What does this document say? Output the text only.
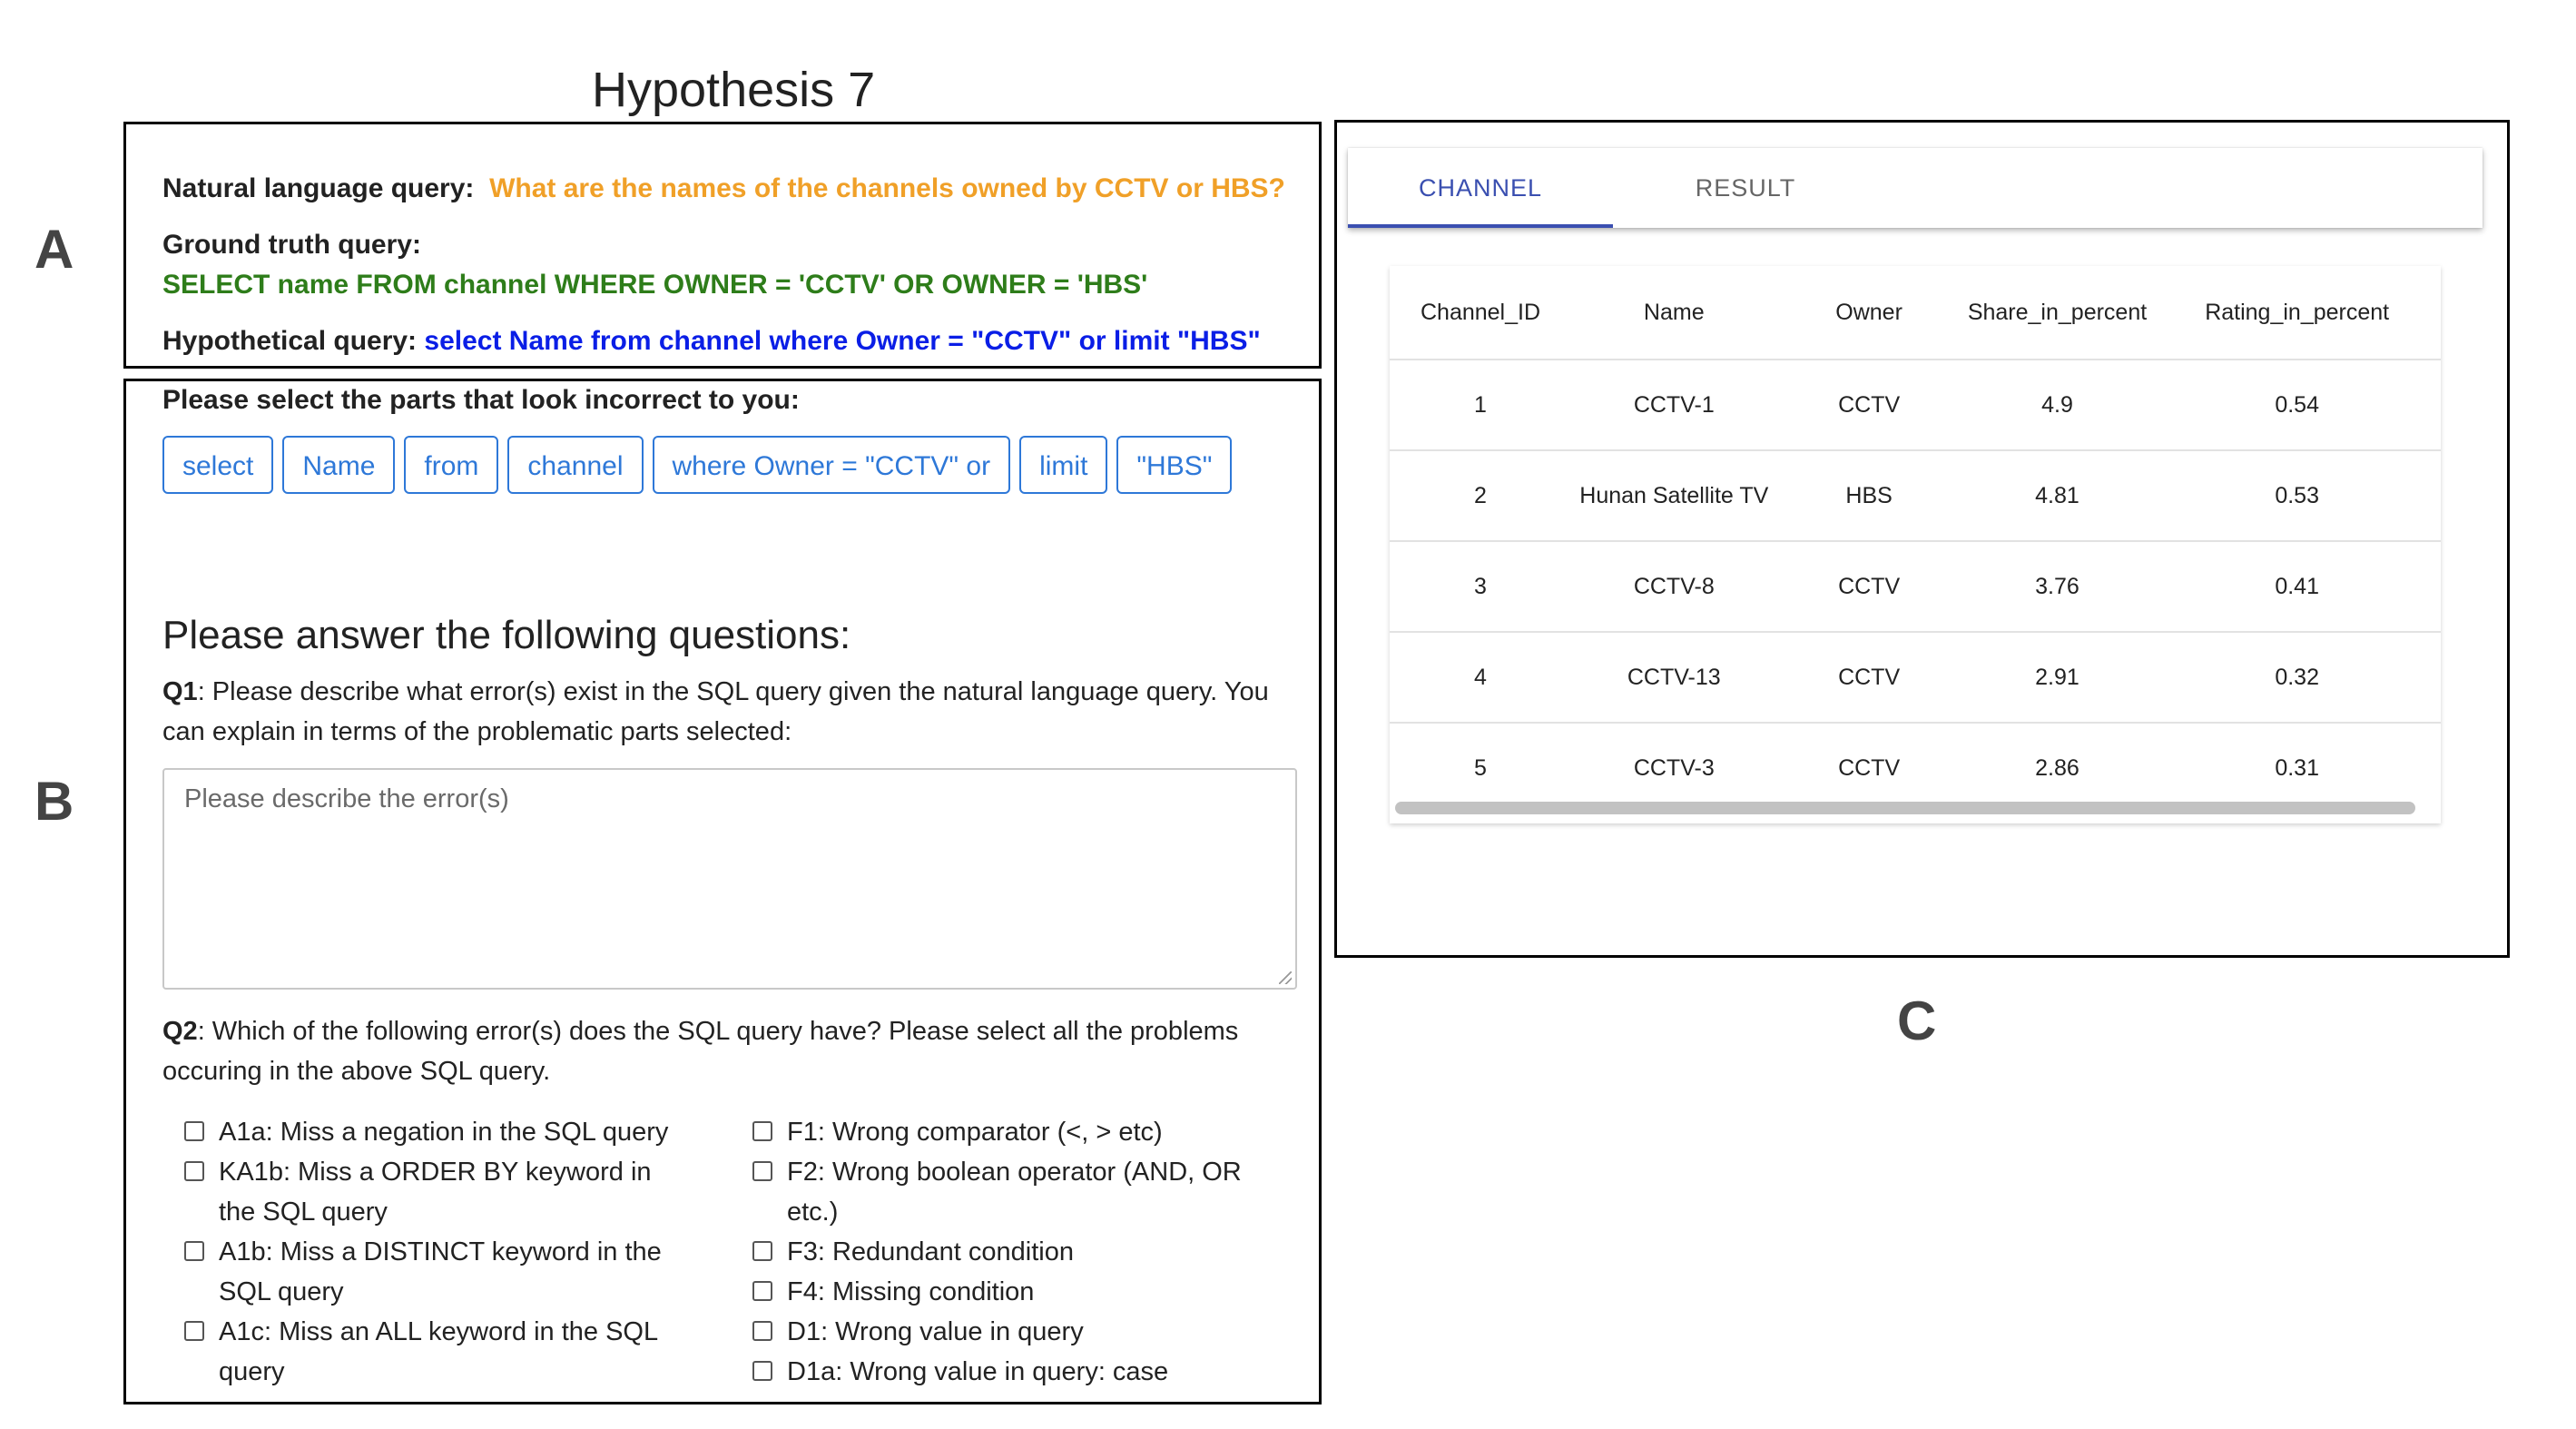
Hypothesis 7
A
B
C
Natural language query: What are the names of the channels owned by CCTV or HBS?
Ground truth query:
SELECT name FROM channel WHERE OWNER = 'CCTV' OR OWNER = 'HBS'
Hypothetical query: select Name from channel where Owner = "CCTV" or limit "HBS"
Please select the parts that look incorrect to you:
select	Name	from	channel	where Owner = "CCTV" or	limit	"HBS"
Please answer the following questions:
Q1: Please describe what error(s) exist in the SQL query given the natural language query. You can explain in terms of the problematic parts selected:
Please describe the error(s)
Q2: Which of the following error(s) does the SQL query have? Please select all the problems occuring in the above SQL query.
A1a: Miss a negation in the SQL query
KA1b: Miss a ORDER BY keyword in the SQL query
A1b: Miss a DISTINCT keyword in the SQL query
A1c: Miss an ALL keyword in the SQL query
F1: Wrong comparator (<, > etc)
F2: Wrong boolean operator (AND, OR etc.)
F3: Redundant condition
F4: Missing condition
D1: Wrong value in query
D1a: Wrong value in query: case
CHANNEL	RESULT
Channel_ID	Name	Owner	Share_in_percent	Rating_in_percent
1	CCTV-1	CCTV	4.9	0.54
2	Hunan Satellite TV	HBS	4.81	0.53
3	CCTV-8	CCTV	3.76	0.41
4	CCTV-13	CCTV	2.91	0.32
5	CCTV-3	CCTV	2.86	0.31
